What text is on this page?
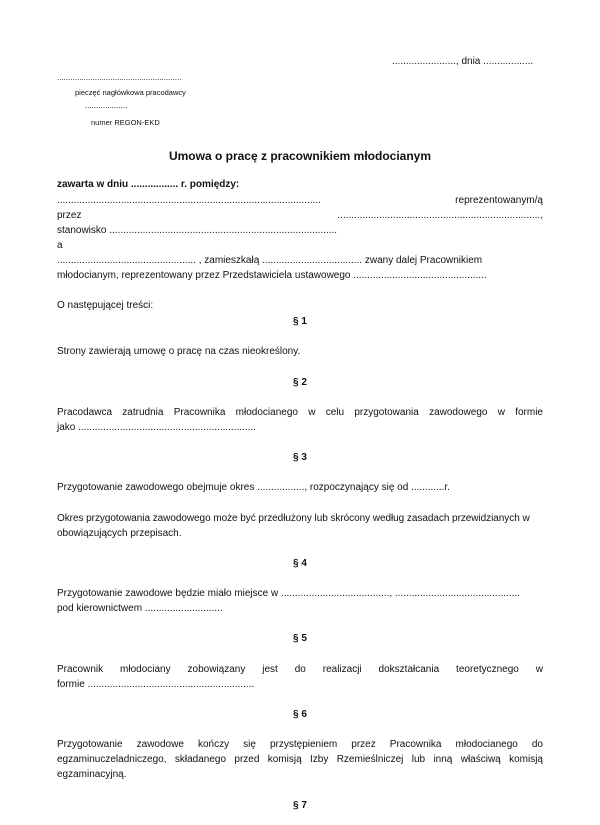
......................., dnia ..................
........................................................
pieczęć nagłówkowa pracodawcy
...................
numer REGON-EKD
Umowa o pracę z pracownikiem młodocianym
zawarta w dniu ................. r. pomiędzy:
...............................................................................................	reprezentowanym/ą
przez	.........................................................................,
stanowisko ..................................................................................
a
.................................................. , zamieszkałą .................................... zwany dalej Pracownikiem
młodocianym, reprezentowany przez Przedstawiciela ustawowego ................................................
O następującej treści:
§ 1
Strony zawierają umowę o pracę na czas nieokreślony.
§ 2
Pracodawca zatrudnia Pracownika młodocianego w celu przygotowania zawodowego w formie
jako ................................................................
§ 3
Przygotowanie zawodowego obejmuje okres ................., rozpoczynający się od ............r.
Okres przygotowania zawodowego może być przedłużony lub skrócony według zasadach przewidzianych w
obowiązujących przepisach.
§ 4
Przygotowanie zawodowe będzie miało miejsce w ......................................., .............................................
pod kierownictwem ............................
§ 5
Pracownik młodociany zobowiązany jest do realizacji dokształcania teoretycznego w
formie ............................................................
§ 6
Przygotowanie zawodowe kończy się przystępieniem przez Pracownika młodocianego do
egzaminuczeladniczego, składanego przed komisją Izby Rzemieślniczej lub inną właściwą komisją
egzaminacyjną.
§ 7
